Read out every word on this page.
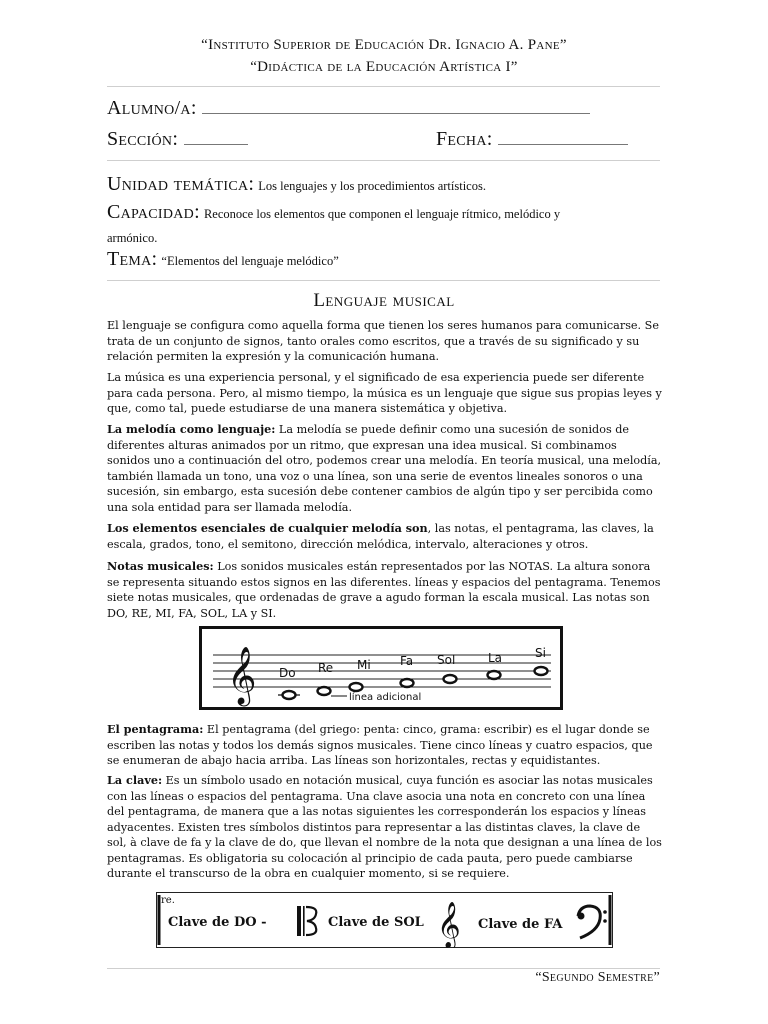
“Instituto Superior de Educación Dr. Ignacio A. Pane”
“Didáctica de la Educación Artística I”
Alumno/a:
Sección:	Fecha:
Unidad temática: Los lenguajes y los procedimientos artísticos.
Capacidad: Reconoce los elementos que componen el lenguaje rítmico, melódico y
armónico.
Tema: “Elementos del lenguaje melódico”
Lenguaje musical
El lenguaje se configura como aquella forma que tienen los seres humanos para comunicarse. Se trata de un conjunto de signos, tanto orales como escritos, que a través de su significado y su relación permiten la expresión y la comunicación humana.
La música es una experiencia personal, y el significado de esa experiencia puede ser diferente para cada persona. Pero, al mismo tiempo, la música es un lenguaje que sigue sus propias leyes y que, como tal, puede estudiarse de una manera sistemática y objetiva.
La melodía como lenguaje: La melodía se puede definir como una sucesión de sonidos de diferentes alturas animados por un ritmo, que expresan una idea musical. Si combinamos sonidos uno a continuación del otro, podemos crear una melodía. En teoría musical, una melodía, también llamada un tono, una voz o una línea, son una serie de eventos lineales sonoros o una sucesión, sin embargo, esta sucesión debe contener cambios de algún tipo y ser percibida como una sola entidad para ser llamada melodía.
Los elementos esenciales de cualquier melodía son, las notas, el pentagrama, las claves, la escala, grados, tono, el semitono, dirección melódica, intervalo, alteraciones y otros.
Notas musicales: Los sonidos musicales están representados por las NOTAS. La altura sonora se representa situando estos signos en las diferentes. líneas y espacios del pentagrama. Tenemos siete notas musicales, que ordenadas de grave a agudo forman la escala musical. Las notas son DO, RE, MI, FA, SOL, LA y SI.
𝄞 Do Re Mi Fa Sol	La	Si
línea adicional
El pentagrama: El pentagrama (del griego: penta: cinco, grama: escribir) es el lugar donde se escriben las notas y todos los demás signos musicales. Tiene cinco líneas y cuatro espacios, que se enumeran de abajo hacia arriba. Las líneas son horizontales, rectas y equidistantes.
La clave: Es un símbolo usado en notación musical, cuya función es asociar las notas musicales con las líneas o espacios del pentagrama. Una clave asocia una nota en concreto con una línea del pentagrama, de manera que a las notas siguientes les corresponderán los espacios y líneas adyacentes. Existen tres símbolos distintos para representar a las distintas claves, la clave de sol, à clave de fa y la clave de do, que llevan el nombre de la nota que designan a una línea de los pentagramas. Es obligatoria su colocación al principio de cada pauta, pero puede cambiarse durante el transcurso de la obra en cualquier momento, si se requiere.
re.
Clave de DO -	Clave de SOL 𝄞 Clave de FA
“Segundo Semestre”
